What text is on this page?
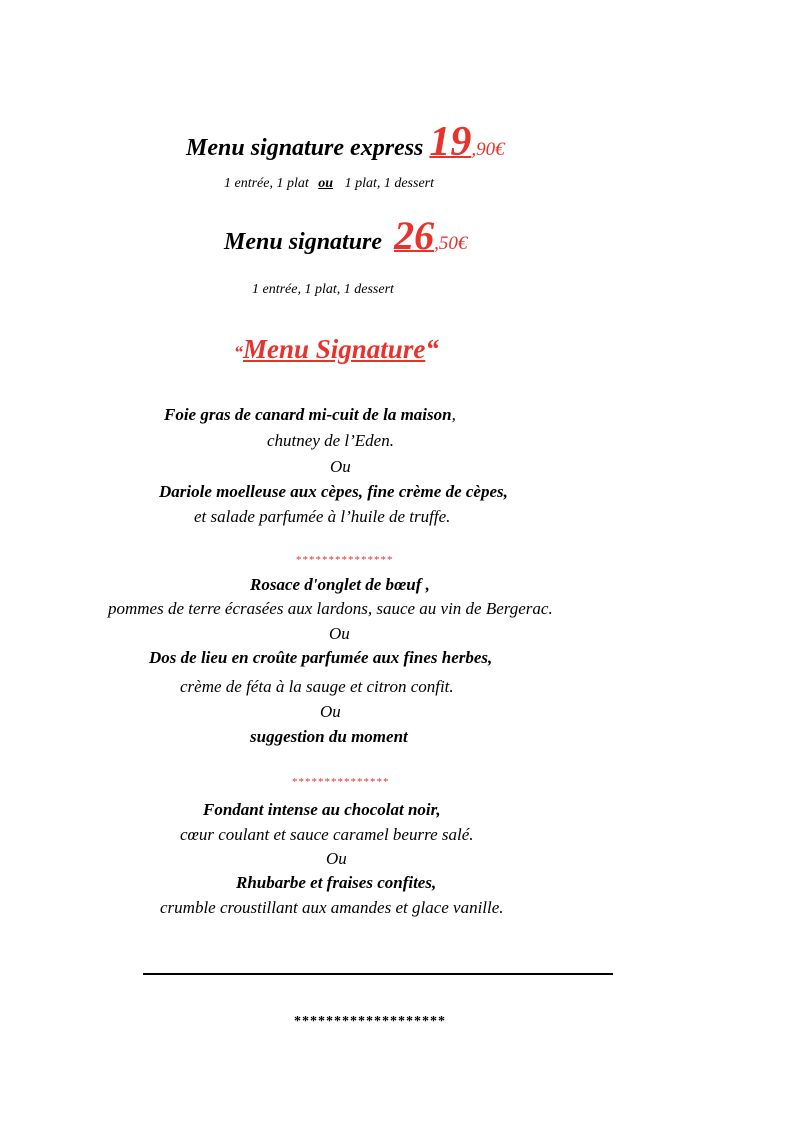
Menu signature express 19,90€
1 entrée, 1 plat ou 1 plat, 1 dessert
Menu signature 26,50€
1 entrée, 1 plat, 1 dessert
“Menu Signature“
Foie gras de canard mi-cuit de la maison,
chutney de l’Eden.
Ou
Dariole moelleuse aux cèpes, fine crème de cèpes,
et salade parfumée à l’huile de truffe.
***************
Rosace d'onglet de bœuf ,
pommes de terre écrasées aux lardons, sauce au vin de Bergerac.
Ou
Dos de lieu en croûte parfumée aux fines herbes,
crème de féta à la sauge et citron confit.
Ou
suggestion du moment
***************
Fondant intense au chocolat noir,
cœur coulant et sauce caramel beurre salé.
Ou
Rhubarbe et fraises confites,
crumble croustillant aux amandes et glace vanille.
*******************
